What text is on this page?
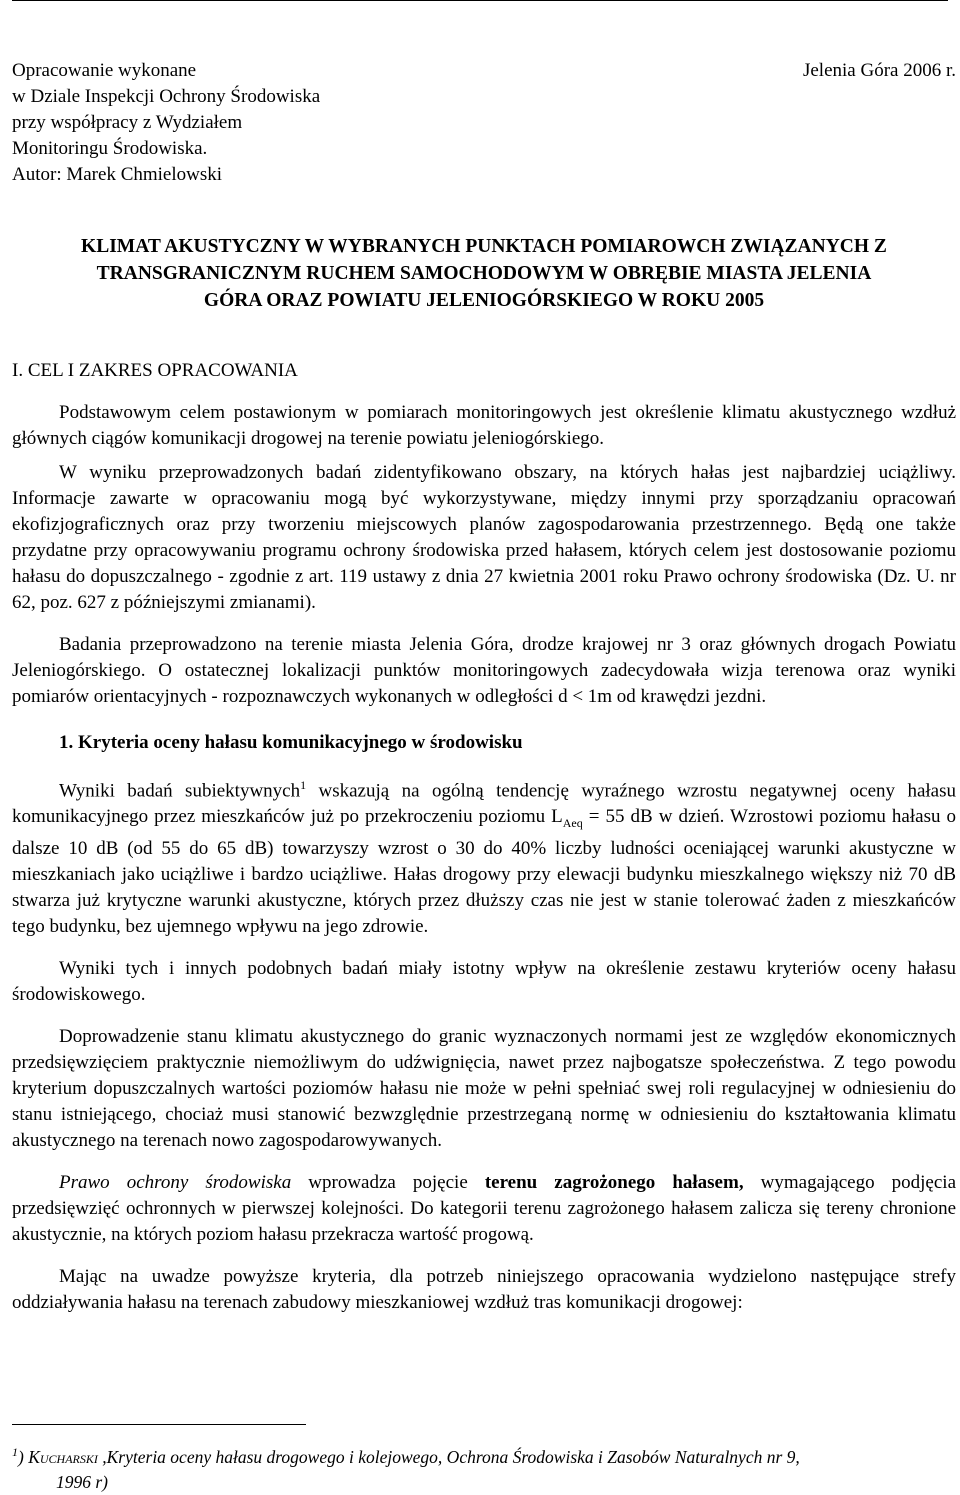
Opracowanie wykonane
w Dziale Inspekcji Ochrony Środowiska
przy współpracy z Wydziałem
Monitoringu Środowiska.
Autor: Marek Chmielowski
Jelenia Góra 2006 r.
KLIMAT AKUSTYCZNY W WYBRANYCH PUNKTACH POMIAROWCH ZWIĄZANYCH Z
TRANSGRANICZNYM RUCHEM SAMOCHODOWYM W OBRĘBIE MIASTA JELENIA
GÓRA ORAZ POWIATU JELENIOGÓRSKIEGO W ROKU 2005
I. CEL I ZAKRES OPRACOWANIA

Podstawowym celem postawionym w pomiarach monitoringowych jest określenie klimatu akustycznego wzdłuż głównych ciągów komunikacji drogowej na terenie powiatu jeleniogórskiego.

W wyniku przeprowadzonych badań zidentyfikowano obszary, na których hałas jest najbardziej uciążliwy. Informacje zawarte w opracowaniu mogą być wykorzystywane, między innymi przy sporządzaniu opracowań ekofizjograficznych oraz przy tworzeniu miejscowych planów zagospodarowania przestrzennego. Będą one także przydatne przy opracowywaniu programu ochrony środowiska przed hałasem, których celem jest dostosowanie poziomu hałasu do dopuszczalnego - zgodnie z art. 119 ustawy z dnia 27 kwietnia 2001 roku Prawo ochrony środowiska (Dz. U. nr 62, poz. 627 z późniejszymi zmianami).

Badania przeprowadzono na terenie miasta Jelenia Góra, drodze krajowej nr 3 oraz głównych drogach Powiatu Jeleniogórskiego. O ostatecznej lokalizacji punktów monitoringowych zadecydowała wizja terenowa oraz wyniki pomiarów orientacyjnych - rozpoznawczych wykonanych w odległości d < 1m od krawędzi jezdni.

1. Kryteria oceny hałasu komunikacyjnego w środowisku

Wyniki badań subiektywnych$^1$ wskazują na ogólną tendencję wyraźnego wzrostu negatywnej oceny hałasu komunikacyjnego przez mieszkańców już po przekroczeniu poziomu $L_{Aeq} = 55$ dB w dzień. Wzrostowi poziomu hałasu o dalsze 10 dB (od 55 do 65 dB) towarzyszy wzrost o 30 do 40% liczby ludności oceniającej warunki akustyczne w mieszkaniach jako uciążliwe i bardzo uciążliwe. Hałas drogowy przy elewacji budynku mieszkalnego większy niż 70 dB stwarza już krytyczne warunki akustyczne, których przez dłuższy czas nie jest w stanie tolerować żaden z mieszkańców tego budynku, bez ujemnego wpływu na jego zdrowie.

Wyniki tych i innych podobnych badań miały istotny wpływ na określenie zestawu kryteriów oceny hałasu środowiskowego.

Doprowadzenie stanu klimatu akustycznego do granic wyznaczonych normami jest ze względów ekonomicznych przedsięwzięciem praktycznie niemożliwym do udźwignięcia, nawet przez najbogatsze społeczeństwa. Z tego powodu kryterium dopuszczalnych wartości poziomów hałasu nie może w pełni spełniać swej roli regulacyjnej w odniesieniu do stanu istniejącego, chociaż musi stanowić bezwzględnie przestrzeganą normę w odniesieniu do kształtowania klimatu akustycznego na terenach nowo zagospodarowywanych.

Prawo ochrony środowiska wprowadza pojęcie terenu zagrożonego hałasem, wymagającego podjęcia przedsięwzięć ochronnych w pierwszej kolejności. Do kategorii terenu zagrożonego hałasem zalicza się tereny chronione akustycznie, na których poziom hałasu przekracza wartość progową.

Mając na uwadze powyższe kryteria, dla potrzeb niniejszego opracowania wydzielono następujące strefy oddziaływania hałasu na terenach zabudowy mieszkaniowej wzdłuż tras komunikacji drogowej:

$^1$) Kucharski ,Kryteria oceny hałasu drogowego i kolejowego, Ochrona Środowiska i Zasobów Naturalnych nr 9,
1996 r)
